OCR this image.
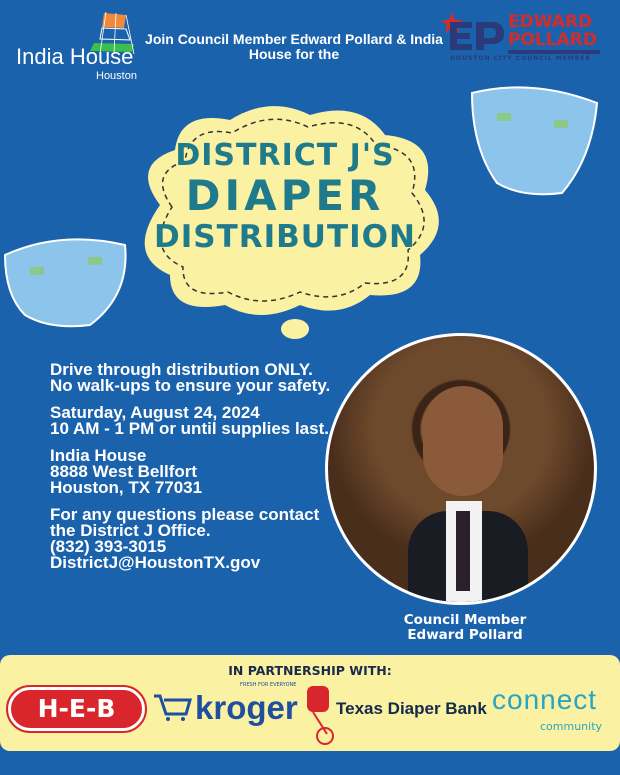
India House
Houston
Join Council Member Edward Pollard & India House for the
EDWARD
POLLARD
HOUSTON CITY COUNCIL MEMBER
DISTRICT J'S
DIAPER
DISTRIBUTION

Drive through distribution ONLY. No walk-ups to ensure your safety.

Saturday, August 24, 2024
10 AM - 1 PM or until supplies last.

India House
8888 West Bellfort
Houston, TX 77031

For any questions please contact the District J Office.
(832) 393-3015
DistrictJ@HoustonTX.gov

Council Member
Edward Pollard
IN PARTNERSHIP WITH:
H-E-B	kroger
FRESH FOR EVERYONE
Texas Diaper Bank connect
community
